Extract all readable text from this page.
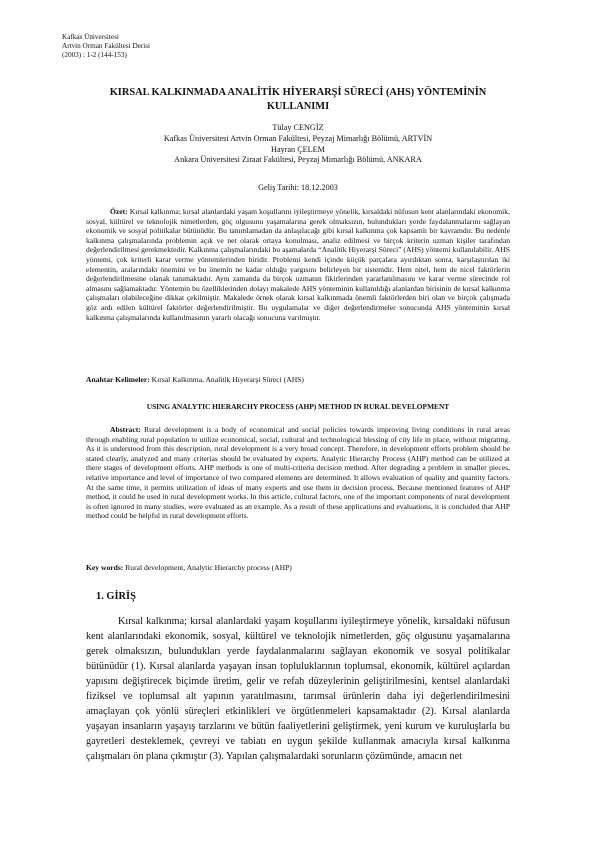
Kafkas Üniversitesi
Artvin Orman Fakültesi Derisi
(2003) : 1-2 (144-153)
KIRSAL KALKINMADA ANALİTİK HİYERARŞİ SÜRECİ (AHS) YÖNTEMİNİN
KULLANIMI
Tülay CENGİZ
Kafkas Üniversitesi Artvin Orman Fakültesi, Peyzaj Mimarlığı Bölümü, ARTVİN
Hayran ÇELEM
Ankara Üniversitesi Ziraat Fakültesi, Peyzaj Mimarlığı Bölümü, ANKARA
Geliş Tarihi: 18.12.2003

Özet: Kırsal kalkınma; kırsal alanlardaki yaşam koşullarını iyileştirmeye yönelik, kırsaldaki nüfusun kent alanlarındaki ekonomik, sosyal, kültürel ve teknolojik nimetlerden, göç olgusunu yaşamalarına gerek olmaksızın, bulundukları yerde faydalanmalarını sağlayan ekonomik ve sosyal politikalar bütünüdür. Bu tanımlamadan da anlaşılacağı gibi kırsal kalkınma çok kapsamlı bir kavramdır. Bu nedenle kalkınma çalışmalarında problemin açık ve net olarak ortaya konulması, analiz edilmesi ve birçok kriterin uzman kişiler tarafından değerlendirilmesi gerekmektedir. Kalkınma çalışmalarındaki bu aşamalarda “Analitik Hiyerarşi Süreci” (AHS) yöntemi kullanılabilir. AHS yöntemi, çok kriterli karar verme yöntemlerinden biridir. Problemi kendi içinde küçük parçalara ayırdıktan sonra, karşılaştırılan iki elementin, aralarındaki önemini ve bu önemin ne kadar olduğu yargısını belirleyen bir sistemdir. Hem nitel, hem de nicel faktörlerin değerlendirilmesine olanak tanımaktadır. Aynı zamanda da birçok uzmanın fikirlerinden yararlanılmasını ve karar verme sürecinde rol almasını sağlamaktadır. Yöntemin bu özelliklerinden dolayı makalede AHS yönteminin kullanıldığı alanlardan birisinin de kırsal kalkınma çalışmaları olabileceğine dikkat çekilmiştir. Makalede örnek olarak kırsal kalkınmada önemli faktörlerden biri olan ve birçok çalışmada göz ardı edilen kültürel faktörler değerlendirilmiştir. Bu uygulamalar ve diğer değerlendirmeler sonucunda AHS yönteminin kırsal kalkınma çalışmalarında kullanılmasının yararlı olacağı sonucuna varılmıştır.

Anahtar Kelimeler: Kırsal Kalkınma, Analitik Hiyerarşi Süreci (AHS)
USING ANALYTIC HIERARCHY PROCESS (AHP) METHOD IN RURAL DEVELOPMENT

Abstract: Rural development is a body of economical and social policies towards improving living conditions in rural areas through enabling rural population to utilize economical, social, cultural and technological blessing of city life in place, without migrating. As it is understood from this description, rural development is a very broad concept. Therefore, in development efforts problem should be stated clearly, analyzed and many criterias should be evaluated by experts. Analytic Hierarchy Process (AHP) method can be utilized at there stages of development efforts. AHP methods is one of multi-criteria decision method. After degrading a problem in smaller pieces, relative importance and level of importance of two compared elements are determined. It allows evaluation of quality and quantity factors. At the same time, it permits utilization of ideas of many experts and use them in decision process. Because mentioned features of AHP method, it could be used in rural development works. In this article, cultural factors, one of the important components of rural development is often ignored in many studies, were evaluated as an example. As a result of these applications and evaluations, it is concluded that AHP method could be helpful in rural development efforts.

Key words: Rural development, Analytic Hierarchy process (AHP)
1. GİRİŞ

Kırsal kalkınma; kırsal alanlardaki yaşam koşullarını iyileştirmeye yönelik, kırsaldaki nüfusun kent alanlarındaki ekonomik, sosyal, kültürel ve teknolojik nimetlerden, göç olgusunu yaşamalarına gerek olmaksızın, bulundukları yerde faydalanmalarını sağlayan ekonomik ve sosyal politikalar bütünüdür (1). Kırsal alanlarda yaşayan insan topluluklarının toplumsal, ekonomik, kültürel açılardan yapısını değiştirecek biçimde üretim, gelir ve refah düzeylerinin geliştirilmesini, kentsel alanlardaki fiziksel ve toplumsal alt yapının yaratılmasını, tarımsal ürünlerin daha iyi değerlendirilmesini amaçlayan çok yönlü süreçleri etkinlikleri ve örgütlenmeleri kapsamaktadır (2). Kırsal alanlarda yaşayan insanların yaşayış tarzlarını ve bütün faaliyetlerini geliştirmek, yeni kurum ve kuruluşlarla bu gayretleri desteklemek, çevreyi ve tabiatı en uygun şekilde kullanmak amacıyla kırsal kalkınma çalışmaları ön plana çıkmıştır (3). Yapılan çalışmalardaki sorunların çözümünde, amacın net
